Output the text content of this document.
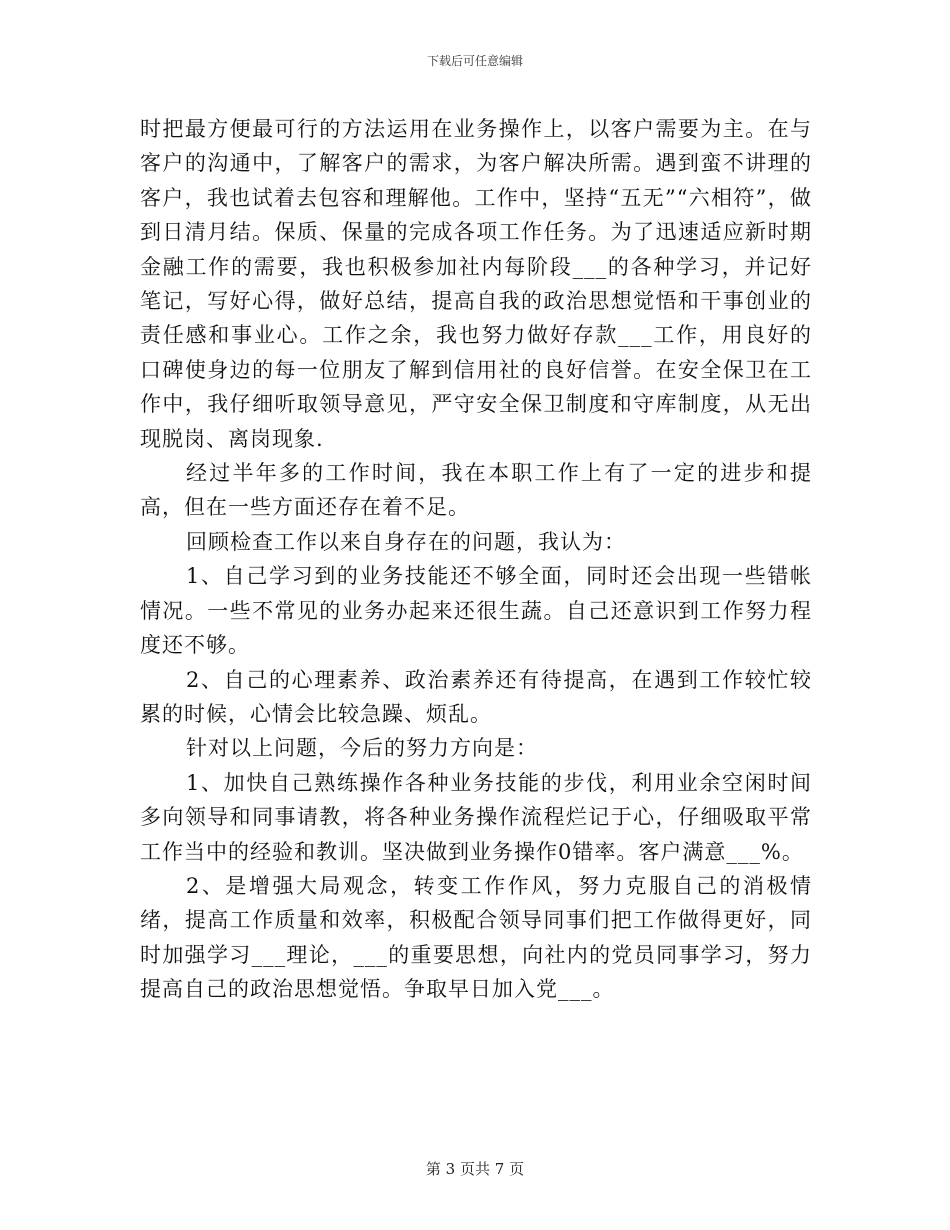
下载后可任意编辑

时把最方便最可行的方法运用在业务操作上，以客户需要为主。在与客户的沟通中，了解客户的需求，为客户解决所需。遇到蛮不讲理的客户，我也试着去包容和理解他。工作中，坚持“五无”“六相符”，做到日清月结。保质、保量的完成各项工作任务。为了迅速适应新时期金融工作的需要，我也积极参加社内每阶段___的各种学习，并记好笔记，写好心得，做好总结，提高自我的政治思想觉悟和干事创业的责任感和事业心。工作之余，我也努力做好存款___工作，用良好的口碑使身边的每一位朋友了解到信用社的良好信誉。在安全保卫在工作中，我仔细听取领导意见，严守安全保卫制度和守库制度，从无出现脱岗、离岗现象.

经过半年多的工作时间，我在本职工作上有了一定的进步和提高，但在一些方面还存在着不足。

回顾检查工作以来自身存在的问题，我认为：

1、自己学习到的业务技能还不够全面，同时还会出现一些错帐情况。一些不常见的业务办起来还很生蔬。自己还意识到工作努力程度还不够。

2、自己的心理素养、政治素养还有待提高，在遇到工作较忙较累的时候，心情会比较急躁、烦乱。

针对以上问题，今后的努力方向是：

1、加快自己熟练操作各种业务技能的步伐，利用业余空闲时间多向领导和同事请教，将各种业务操作流程烂记于心，仔细吸取平常工作当中的经验和教训。坚决做到业务操作0错率。客户满意___%。

2、是增强大局观念，转变工作作风，努力克服自己的消极情绪，提高工作质量和效率，积极配合领导同事们把工作做得更好，同时加强学习___理论，___的重要思想，向社内的党员同事学习，努力提高自己的政治思想觉悟。争取早日加入党___。

第 3 页共 7 页
